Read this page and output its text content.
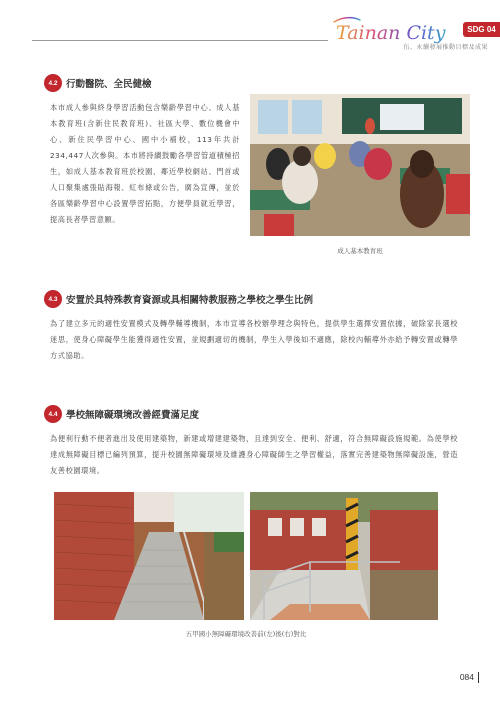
Tainan City	SDG 04
伍、永續發展推動目標及成果
4.2 行動醫院、全民健檢
本市成人參與終身學習活動包含樂齡學習中心、成人基本教育班(含新住民教育班)、社區大學、數位機會中心、新住民學習中心、國中小補校，113年共計234,447人次參與。本市將持續鼓勵各學習管道積極招生，如成人基本教育班於校園、鄰近學校網站、門首或人口聚集處張貼海報、紅布條或公告，廣為宣傳，並於各區樂齡學習中心設置學習拓點，方便學員就近學習，提高長者學習意願。
成人基本教育班
4.3 安置於具特殊教育資源或具相關特教服務之學校之學生比例
為了建立多元的適性安置模式及轉學輔導機制，本市宣導各校辦學理念與特色，提供學生選擇安置依據，破除家長選校迷思，使身心障礙學生能獲得適性安置，並規劃適切的機制，學生入學後如不適應，除校內輔導外亦給予轉安置或轉學方式協助。
4.4 學校無障礙環境改善經費滿足度
為便利行動不便者進出及使用建築物，新建或增建建築物，且達到安全、便利、舒適，符合無障礙設施規範。為使學校達成無障礙目標已編列預算，提升校園無障礙環境及維護身心障礙師生之學習權益，落實完善建築物無障礙設施，營造友善校園環境。
五甲國小無障礙環境改善前(左)後(右)對比
084
